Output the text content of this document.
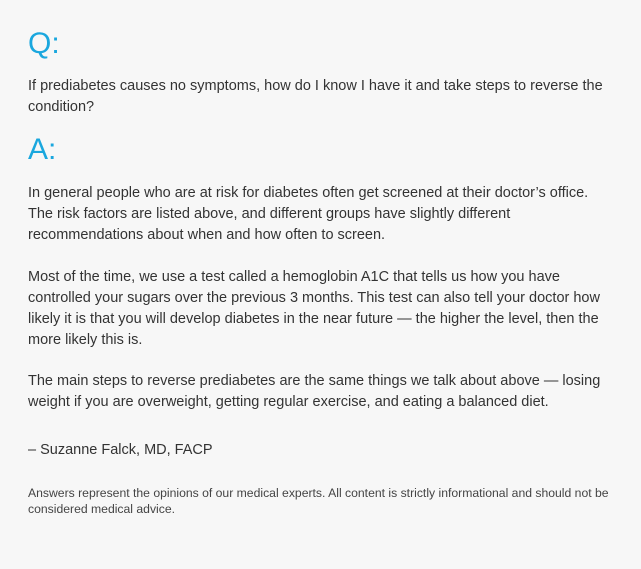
Q:

If prediabetes causes no symptoms, how do I know I have it and take steps to reverse the condition?

A:

In general people who are at risk for diabetes often get screened at their doctor’s office. The risk factors are listed above, and different groups have slightly different recommendations about when and how often to screen.

Most of the time, we use a test called a hemoglobin A1C that tells us how you have controlled your sugars over the previous 3 months. This test can also tell your doctor how likely it is that you will develop diabetes in the near future — the higher the level, then the more likely this is.

The main steps to reverse prediabetes are the same things we talk about above — losing weight if you are overweight, getting regular exercise, and eating a balanced diet.

– Suzanne Falck, MD, FACP

Answers represent the opinions of our medical experts. All content is strictly informational and should not be considered medical advice.
